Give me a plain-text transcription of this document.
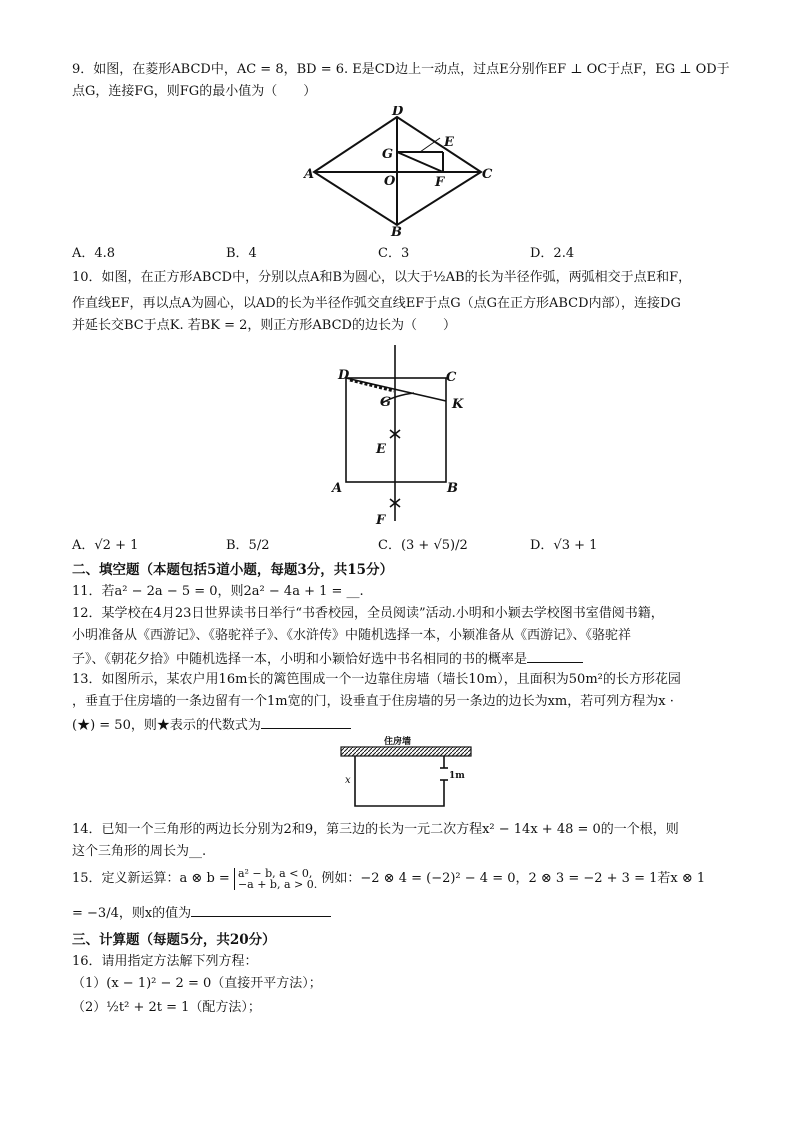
9．如图，在菱形ABCD中，AC = 8，BD = 6. E是CD边上一动点，过点E分别作EF ⊥ OC于点F，EG ⊥ OD于
点G，连接FG，则FG的最小值为（　　）
D
E
G
A	O	F
C
B
A．4.8	B．4	C．3	D．2.4
10．如图，在正方形ABCD中，分别以点A和B为圆心，以大于½AB的长为半径作弧，两弧相交于点E和F，
作直线EF，再以点A为圆心，以AD的长为半径作弧交直线EF于点G（点G在正方形ABCD内部），连接DG
并延长交BC于点K. 若BK = 2，则正方形ABCD的边长为（　　）
D	C
G	K
E
A	B
F
A．√2 + 1	B．5/2	C．(3 + √5)/2	D．√3 + 1
二、填空题（本题包括5道小题，每题3分，共15分）
11．若a² − 2a − 5 = 0，则2a² − 4a + 1 = __.
12．某学校在4月23日世界读书日举行“书香校园，全员阅读”活动.小明和小颖去学校图书室借阅书籍，
小明准备从《西游记》、《骆驼祥子》、《水浒传》中随机选择一本，小颖准备从《西游记》、《骆驼祥
子》、《朝花夕拾》中随机选择一本，小明和小颖恰好选中书名相同的书的概率是
13．如图所示，某农户用16m长的篱笆围成一个一边靠住房墙（墙长10m），且面积为50m²的长方形花园
，垂直于住房墙的一条边留有一个1m宽的门，设垂直于住房墙的另一条边的边长为xm，若可列方程为x ·
(★) = 50，则★表示的代数式为
住房墙
x	1m
14．已知一个三角形的两边长分别为2和9，第三边的长为一元二次方程x² − 14x + 48 = 0的一个根，则
这个三角形的周长为__.
15．定义新运算：a ⊗ b = a² − b, a < 0,
−a + b, a > 0. 例如：−2 ⊗ 4 = (−2)² − 4 = 0，2 ⊗ 3 = −2 + 3 = 1若x ⊗ 1
= −3/4，则x的值为
三、计算题（每题5分，共20分）
16．请用指定方法解下列方程：
（1）(x − 1)² − 2 = 0（直接开平方法）；
（2）½t² + 2t = 1（配方法）；
